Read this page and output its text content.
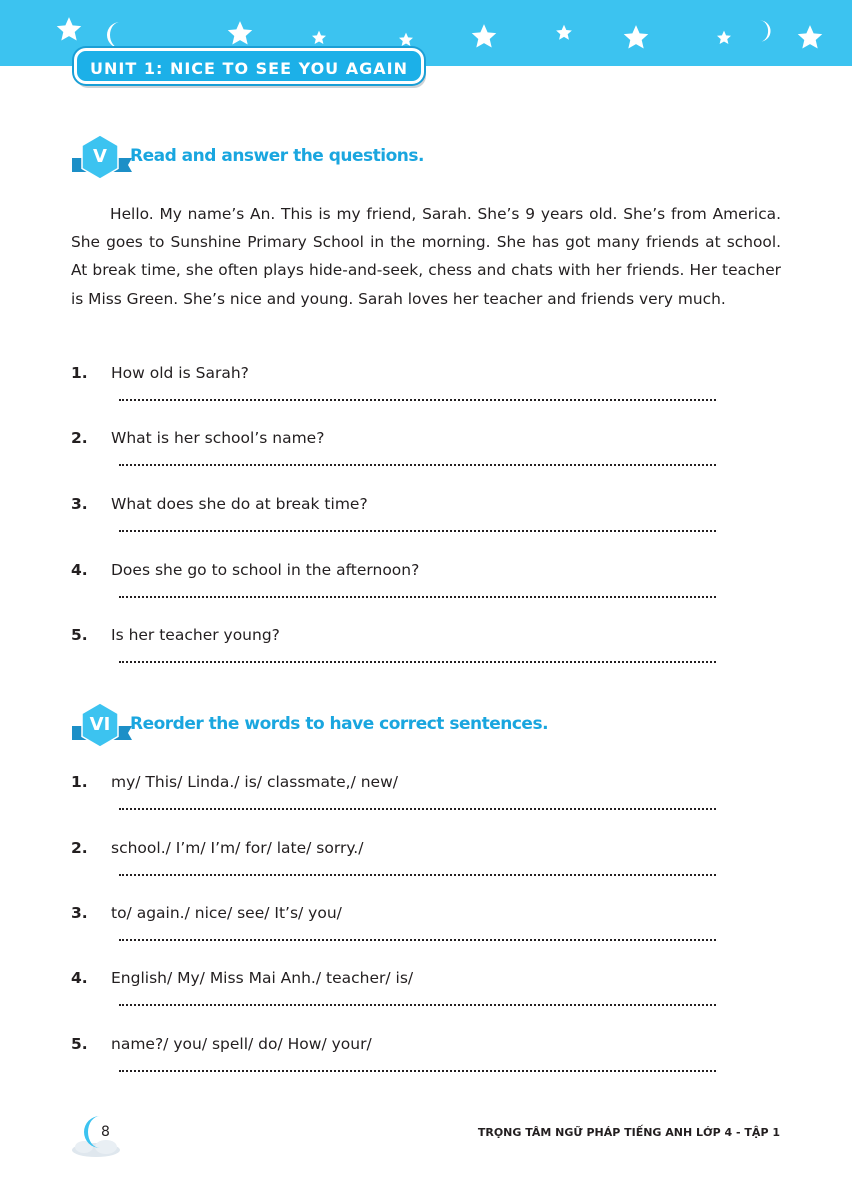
UNIT 1: NICE TO SEE YOU AGAIN
V	Read and answer the questions.
Hello. My name’s An. This is my friend, Sarah. She’s 9 years old. She’s from America. She goes to Sunshine Primary School in the morning. She has got many friends at school. At break time, she often plays hide-and-seek, chess and chats with her friends. Her teacher is Miss Green. She’s nice and young. Sarah loves her teacher and friends very much.
1. How old is Sarah?
2. What is her school’s name?
3. What does she do at break time?
4. Does she go to school in the afternoon?
5. Is her teacher young?
VI	Reorder the words to have correct sentences.
1. my/ This/ Linda./ is/ classmate,/ new/
2. school./ I’m/ I’m/ for/ late/ sorry./
3. to/ again./ nice/ see/ It’s/ you/
4. English/ My/ Miss Mai Anh./ teacher/ is/
5. name?/ you/ spell/ do/ How/ your/
8	TRỌNG TÂM NGỮ PHÁP TIẾNG ANH LỚP 4 - TẬP 1
